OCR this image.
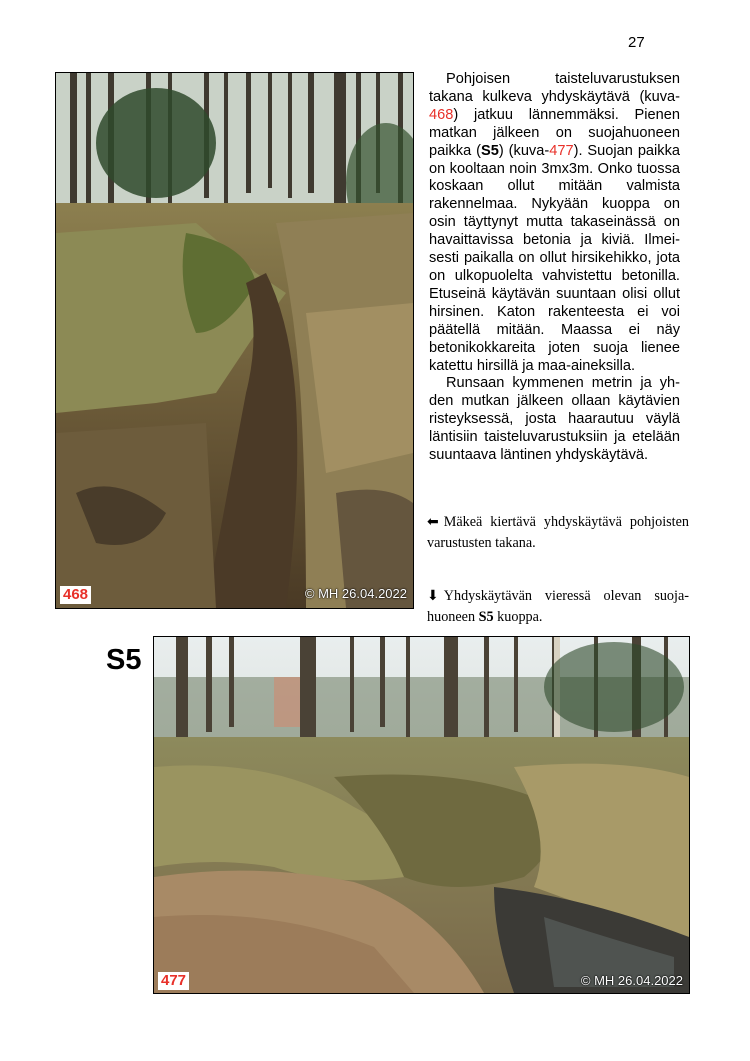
27
468	© MH 26.04.2022

Pohjoisen taisteluvarustuksen takana kulkeva yhdyskäytävä (kuva-468) jatkuu lännemmäksi. Pienen matkan jälkeen on suojahuoneen paikka (S5) (kuva-477). Suojan paikka on kooltaan noin 3mx3m. Onko tuossa koskaan ollut mitään valmista rakennelmaa. Nykyään kuoppa on osin täyttynyt mutta takaseinässä on havaittavissa betonia ja kiviä. Ilmeisesti paikalla on ollut hirsikehikko, jota on ulkopuolelta vahvistettu betonilla. Etuseinä käytävän suuntaan olisi ollut hirsinen. Katon rakenteesta ei voi päätellä mitään. Maassa ei näy betonikokkareita joten suoja lienee katettu hirsillä ja maa-aineksilla.

Runsaan kymmenen metrin ja yhden mutkan jälkeen ollaan käytävien risteyksessä, josta haarautuu väylä läntisiin taisteluvarustuksiin ja etelään suuntaava läntinen yhdyskäytävä.

⬅ Mäkeä kiertävä yhdyskäytävä pohjoisten varustusten takana.
⬇ Yhdyskäytävän vieressä olevan suojahuoneen S5 kuoppa.
S5
477	© MH 26.04.2022
